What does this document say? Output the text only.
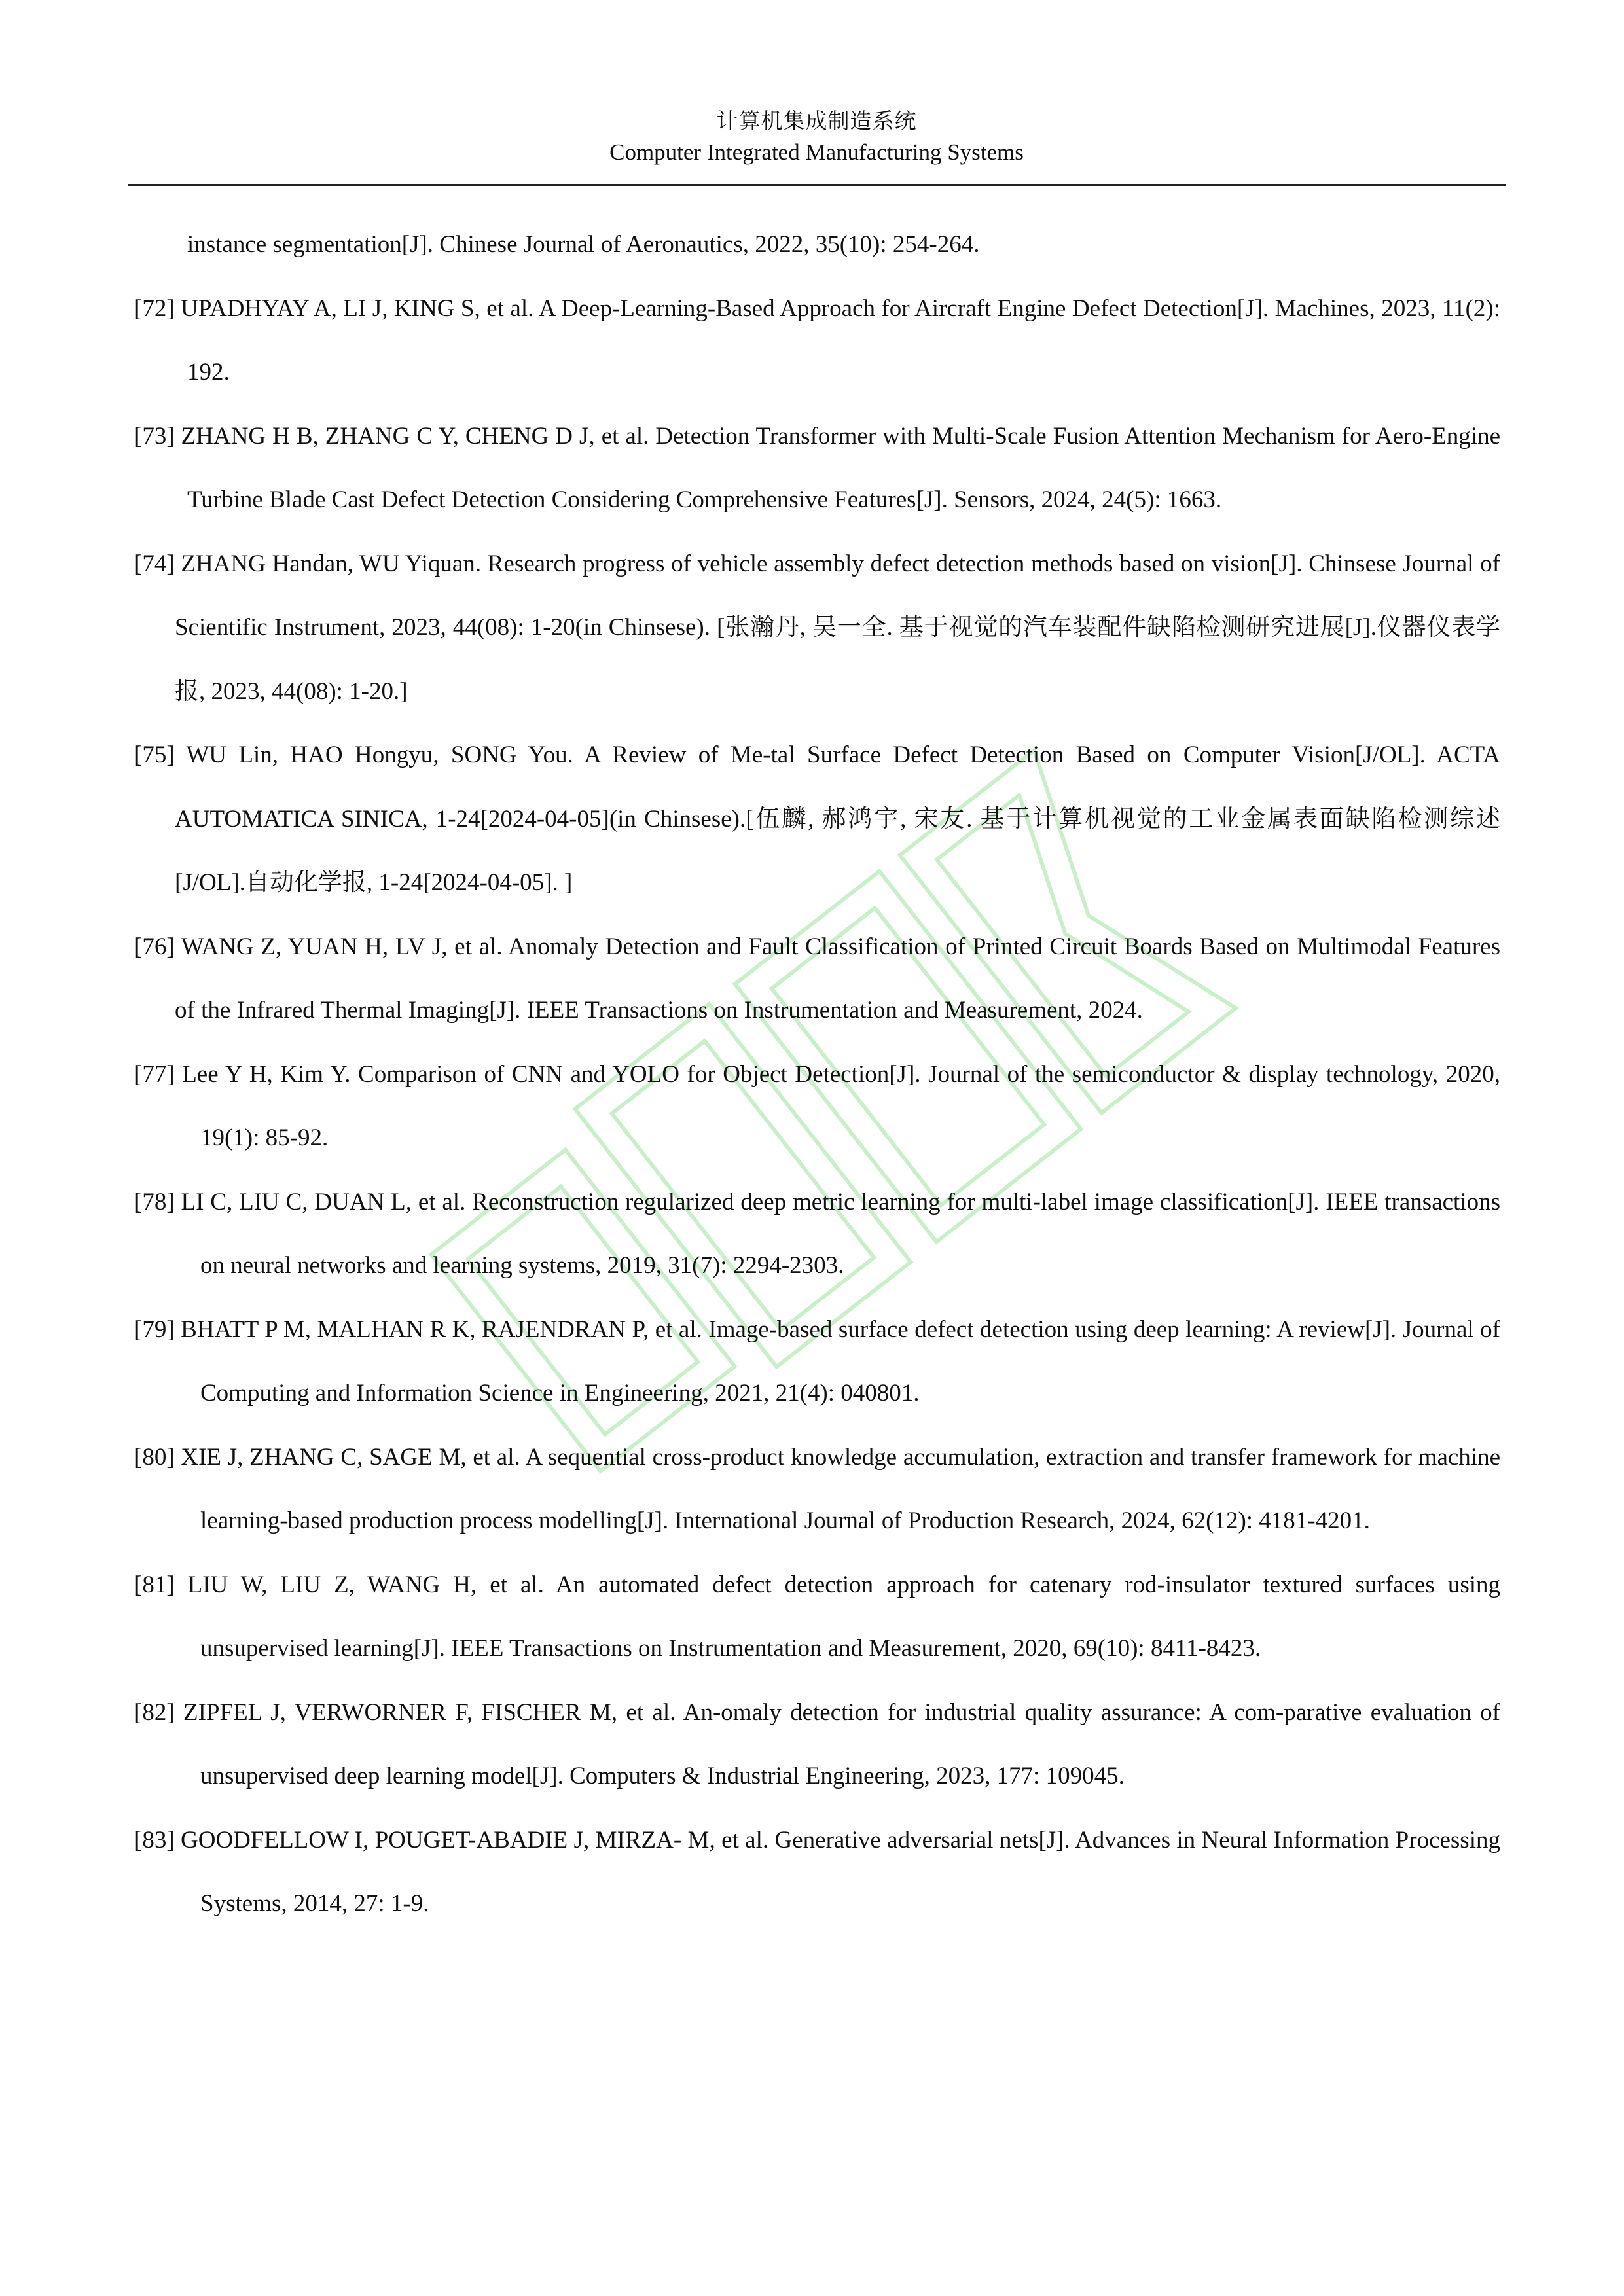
计算机集成制造系统
Computer Integrated Manufacturing Systems

instance segmentation[J]. Chinese Journal of Aeronautics, 2022, 35(10): 254-264.

[72] UPADHYAY A, LI J, KING S, et al. A Deep-Learning-Based Approach for Aircraft Engine Defect Detection[J]. Machines, 2023, 11(2): 192.

[73] ZHANG H B, ZHANG C Y, CHENG D J, et al. Detection Transformer with Multi-Scale Fusion Attention Mechanism for Aero-Engine Turbine Blade Cast Defect Detection Considering Comprehensive Features[J]. Sensors, 2024, 24(5): 1663.

[74] ZHANG Handan, WU Yiquan. Research progress of vehicle assembly defect detection methods based on vision[J]. Chinsese Journal of Scientific Instrument, 2023, 44(08): 1-20(in Chinsese). [张瀚丹, 吴一全. 基于视觉的汽车装配件缺陷检测研究进展[J].仪器仪表学报, 2023, 44(08): 1-20.]

[75] WU Lin, HAO Hongyu, SONG You. A Review of Me-tal Surface Defect Detection Based on Computer Vision[J/OL]. ACTA AUTOMATICA SINICA, 1-24[2024-04-05](in Chinsese).[伍麟, 郝鸿宇, 宋友. 基于计算机视觉的工业金属表面缺陷检测综述[J/OL].自动化学报, 1-24[2024-04-05]. ]

[76] WANG Z, YUAN H, LV J, et al. Anomaly Detection and Fault Classification of Printed Circuit Boards Based on Multimodal Features of the Infrared Thermal Imaging[J]. IEEE Transactions on Instrumentation and Measurement, 2024.

[77] Lee Y H, Kim Y. Comparison of CNN and YOLO for Object Detection[J]. Journal of the semiconductor & display technology, 2020, 19(1): 85-92.

[78] LI C, LIU C, DUAN L, et al. Reconstruction regularized deep metric learning for multi-label image classification[J]. IEEE transactions on neural networks and learning systems, 2019, 31(7): 2294-2303.

[79] BHATT P M, MALHAN R K, RAJENDRAN P, et al. Image-based surface defect detection using deep learning: A review[J]. Journal of Computing and Information Science in Engineering, 2021, 21(4): 040801.

[80] XIE J, ZHANG C, SAGE M, et al. A sequential cross-product knowledge accumulation, extraction and transfer framework for machine learning-based production process modelling[J]. International Journal of Production Research, 2024, 62(12): 4181-4201.

[81] LIU W, LIU Z, WANG H, et al. An automated defect detection approach for catenary rod-insulator textured surfaces using unsupervised learning[J]. IEEE Transactions on Instrumentation and Measurement, 2020, 69(10): 8411-8423.

[82] ZIPFEL J, VERWORNER F, FISCHER M, et al. An-omaly detection for industrial quality assurance: A com-parative evaluation of unsupervised deep learning model[J]. Computers & Industrial Engineering, 2023, 177: 109045.

[83] GOODFELLOW I, POUGET-ABADIE J, MIRZA- M, et al. Generative adversarial nets[J]. Advances in Neural Information Processing Systems, 2014, 27: 1-9.
